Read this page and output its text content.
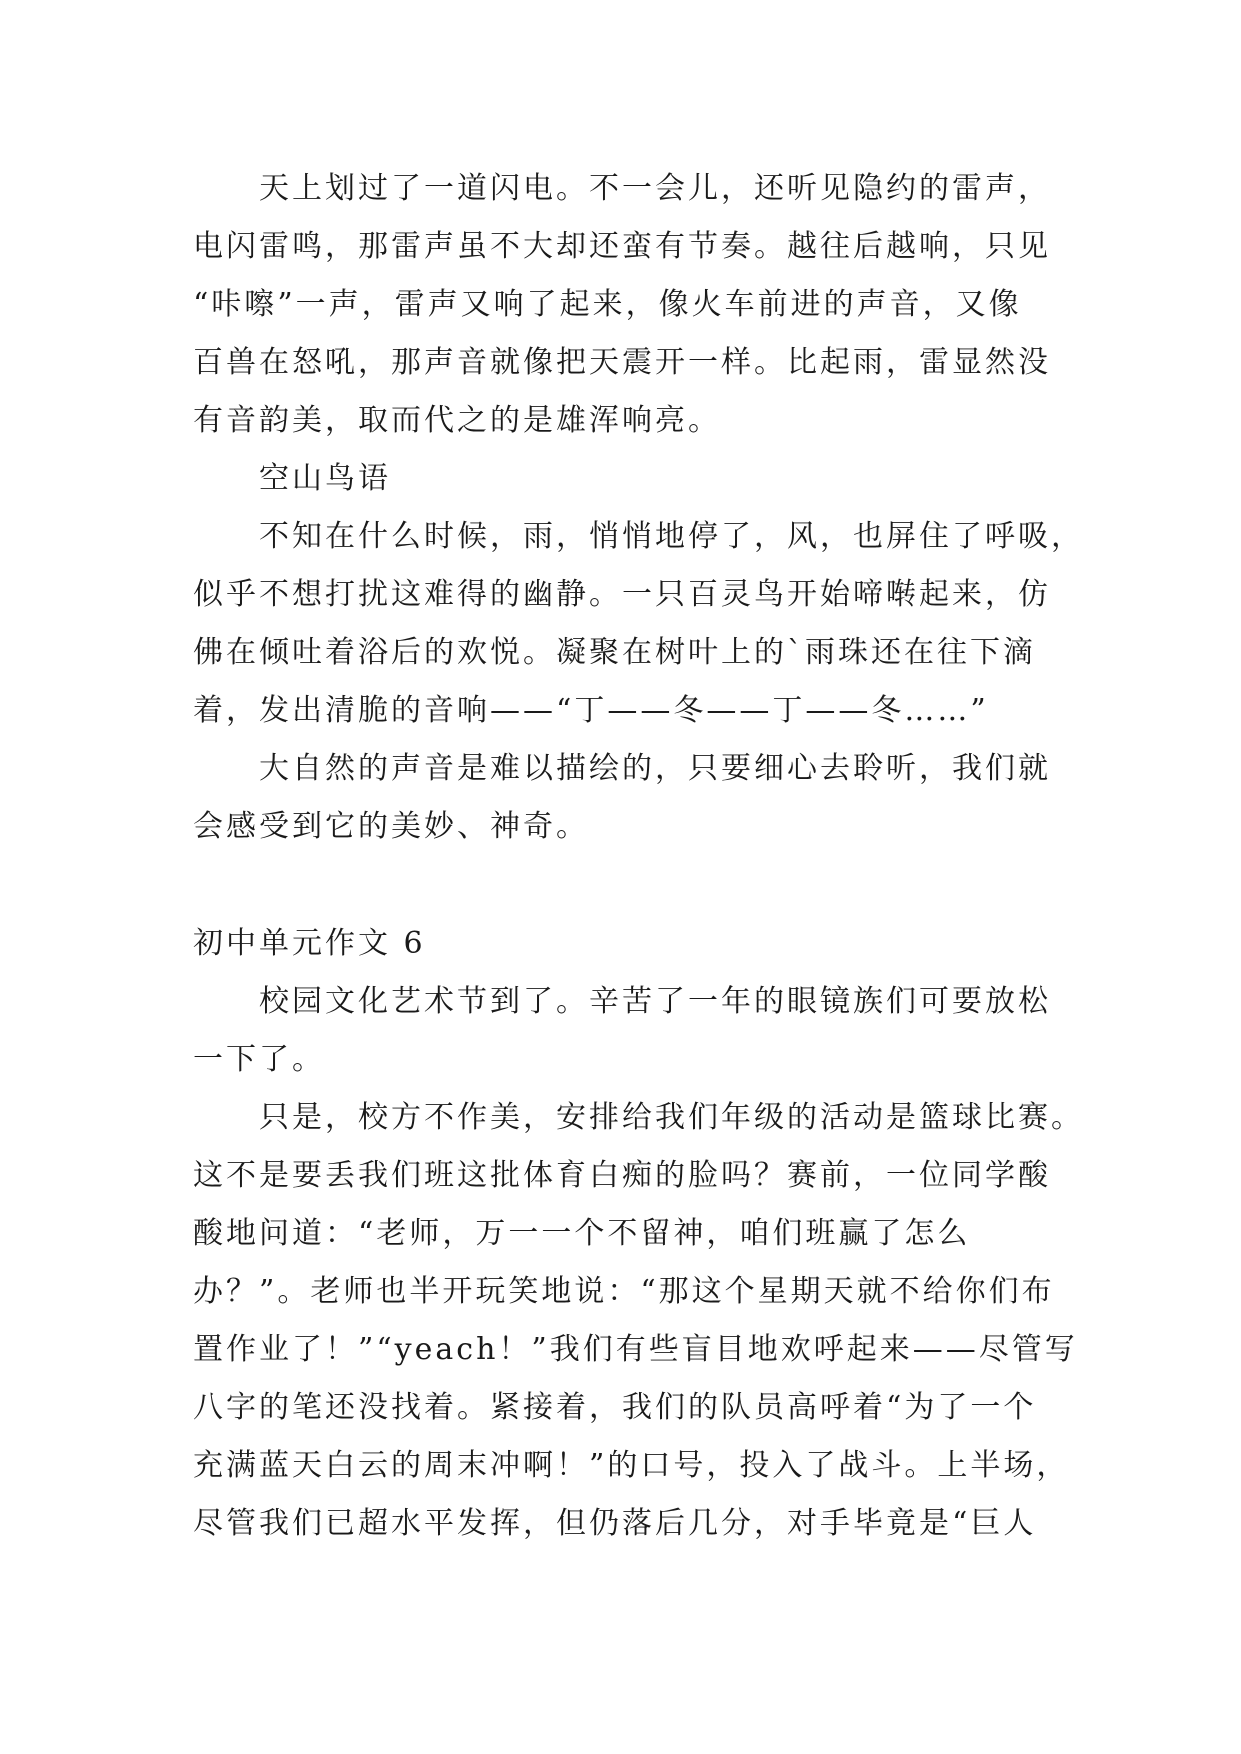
　　天上划过了一道闪电。不一会儿，还听见隐约的雷声，
电闪雷鸣，那雷声虽不大却还蛮有节奏。越往后越响，只见
“咔嚓”一声，雷声又响了起来，像火车前进的声音，又像
百兽在怒吼，那声音就像把天震开一样。比起雨，雷显然没
有音韵美，取而代之的是雄浑响亮。
　　空山鸟语
　　不知在什么时候，雨，悄悄地停了，风，也屏住了呼吸，
似乎不想打扰这难得的幽静。一只百灵鸟开始啼啭起来，仿
佛在倾吐着浴后的欢悦。凝聚在树叶上的`雨珠还在往下滴
着，发出清脆的音响——“丁——冬——丁——冬……”
　　大自然的声音是难以描绘的，只要细心去聆听，我们就
会感受到它的美妙、神奇。
初中单元作文 6
　　校园文化艺术节到了。辛苦了一年的眼镜族们可要放松
一下了。
　　只是，校方不作美，安排给我们年级的活动是篮球比赛。
这不是要丢我们班这批体育白痴的脸吗？赛前，一位同学酸
酸地问道：“老师，万一一个不留神，咱们班赢了怎么
办？”。老师也半开玩笑地说：“那这个星期天就不给你们布
置作业了！”“yeach！”我们有些盲目地欢呼起来——尽管写
八字的笔还没找着。紧接着，我们的队员高呼着“为了一个
充满蓝天白云的周末冲啊！”的口号，投入了战斗。上半场，
尽管我们已超水平发挥，但仍落后几分，对手毕竟是“巨人
